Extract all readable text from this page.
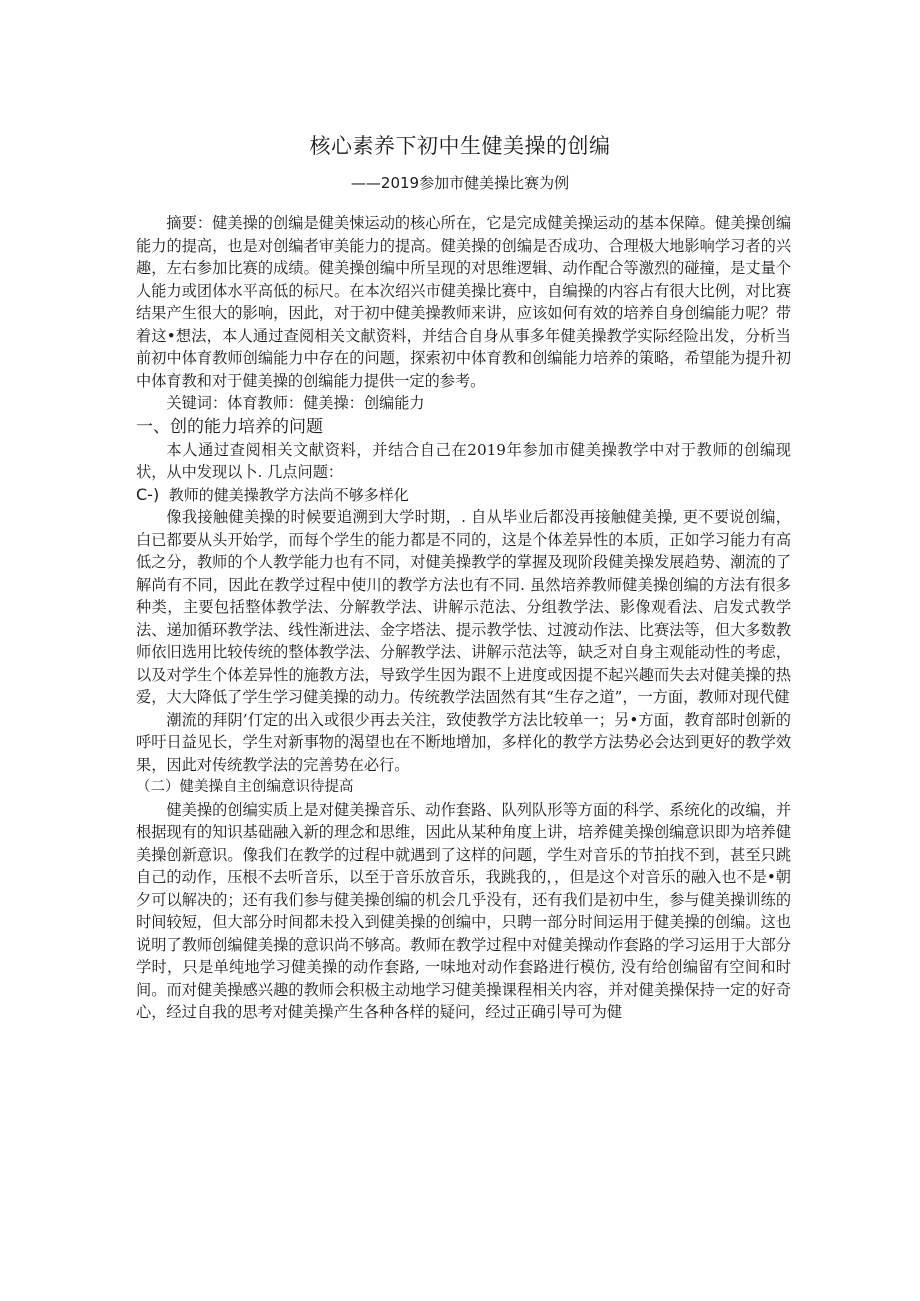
核心素养下初中生健美操的创编
——2019参加市健美操比赛为例

摘要：健美操的创编是健美悚运动的核心所在，它是完成健美操运动的基本保障。健美操创编能力的提高，也是对创编者审美能力的提高。健美操的创编是否成功、合理极大地影响学习者的兴趣，左右参加比赛的成绩。健美操创编中所呈现的对思维逻辑、动作配合等激烈的碰撞，是丈量个人能力或团体水平高低的标尺。在本次绍兴市健美操比赛中，自编操的内容占有很大比例，对比赛结果产生很大的影响，因此，对于初中健美操教师来讲，应该如何有效的培养自身创编能力呢？带着这•想法，本人通过查阅相关文献资料，并结合自身从事多年健美操教学实际经险出发，分析当前初中体育教师创编能力中存在的问题，探索初中体育教和创编能力培养的策略，希望能为提升初中体育教和对于健美操的创编能力提供一定的参考。

关键词：体育教师：健美操：创编能力

一、创的能力培养的问题

本人通过查阅相关文献资料，并结合自己在2019年参加市健美操教学中对于教师的创编现状，从中发现以卜. 几点问题：

C-) 教师的健美操教学方法尚不够多样化

像我接触健美操的时候要追溯到大学时期，. 自从毕业后都没再接触健美操, 更不要说创编，白已都要从头开始学，而每个学生的能力都是不同的，这是个体差异性的本质，正如学习能力有高低之分，教师的个人教学能力也有不同，对健美操教学的掌握及现阶段健美操发展趋势、潮流的了解尚有不同，因此在教学过程中使川的教学方法也有不同. 虽然培养教师健美操创编的方法有很多种类，主要包括整体教学法、分解教学法、讲解示范法、分组教学法、影像观看法、启发式教学法、递加循环教学法、线性渐进法、金字塔法、提示教学怯、过渡动作法、比赛法等，但大多数教师依旧选用比较传统的整体教学法、分解教学法、讲解示范法等，缺乏对自身主观能动性的考虑，以及对学生个体差异性的施教方法，导致学生因为跟不上进度或因提不起兴趣而失去对健美操的热爱，大大降低了学生学习健美操的动力。传统教学法固然有其“生存之道”，一方面，教师对现代健

潮流的拜阴’仃定的出入或很少再去关注，致使教学方法比较单一；另•方面，教育部时创新的呼吁日益见长，学生对新事物的渴望也在不断地增加，多样化的教学方法势必会达到更好的教学效果，因此对传统教学法的完善势在必行。

（二）健美操自主创编意识待提高

健美操的创编实质上是对健美操音乐、动作套路、队列队形等方面的科学、系统化的改编，并根据现有的知识基础融入新的理念和思维，因此从某种角度上讲，培养健美操创编意识即为培养健美操创新意识。像我们在教学的过程中就遇到了这样的问题，学生对音乐的节拍找不到，甚至只跳自己的动作，压根不去听音乐，以至于音乐放音乐，我跳我的，，但是这个对音乐的融入也不是•朝夕可以解决的；还有我们参与健美操创编的机会几乎没有，还有我们是初中生，参与健美操训练的时间较短，但大部分时间都未投入到健美操的创编中，只聘一部分时间运用于健美操的创编。这也说明了教师创编健美操的意识尚不够高。教师在教学过程中对健美操动作套路的学习运用于大部分学时，只是单纯地学习健美操的动作套路, 一味地对动作套路进行模仿, 没有给创编留有空间和时间。而对健美操感兴趣的教师会积极主动地学习健美操课程相关内容，并对健美操保持一定的好奇心，经过自我的思考对健美操产生各种各样的疑问，经过正确引导可为健
